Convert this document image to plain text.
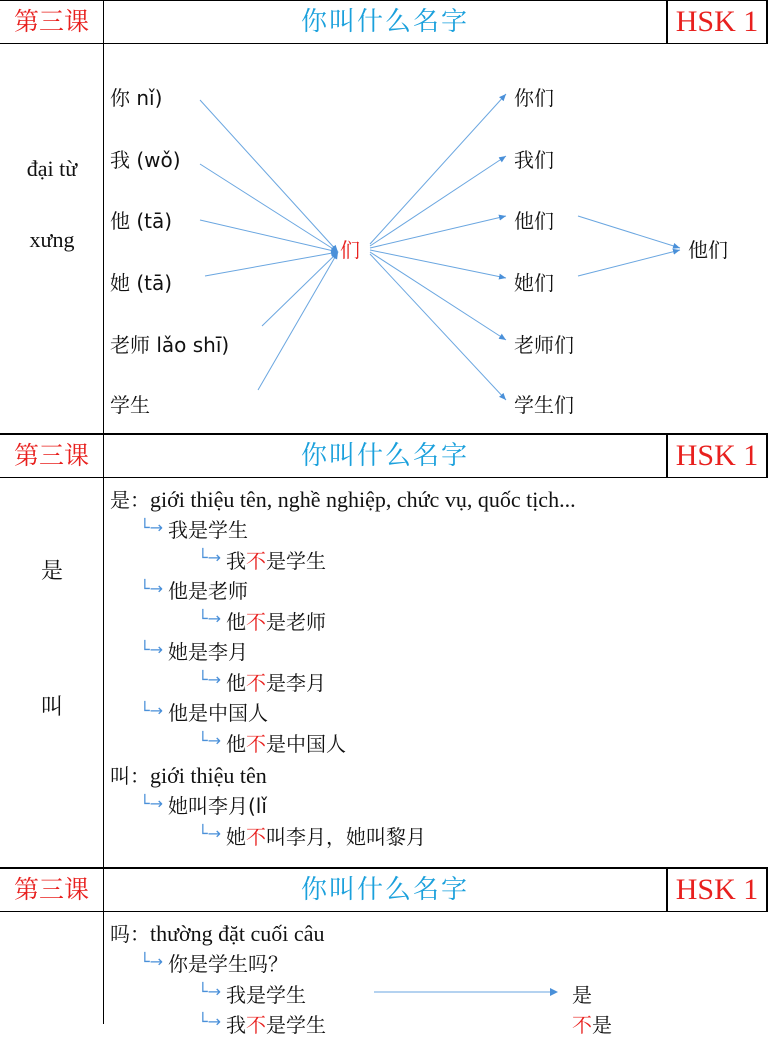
第三课	你叫什么名字	HSK 1
đại từ
xưng
你 nǐ)
我 (wǒ)
他 (tā)
她 (tā)
老师 lǎo shī)
学生
们
你们
我们
他们
她们
老师们
学生们
他们
第三课	你叫什么名字	HSK 1
是
叫
是：giới thiệu tên, nghề nghiệp, chức vụ, quốc tịch...
└→ 我是学生
└→ 我不是学生
└→ 他是老师
└→ 他不是老师
└→ 她是李月
└→ 他不是李月
└→ 他是中国人
└→ 他不是中国人
叫：giới thiệu tên
└→ 她叫李月(lǐ
└→ 她不叫李月，她叫黎月
第三课	你叫什么名字	HSK 1
吗：thường đặt cuối câu
└→ 你是学生吗？
└→ 我是学生	是
└→ 我不是学生	不是
